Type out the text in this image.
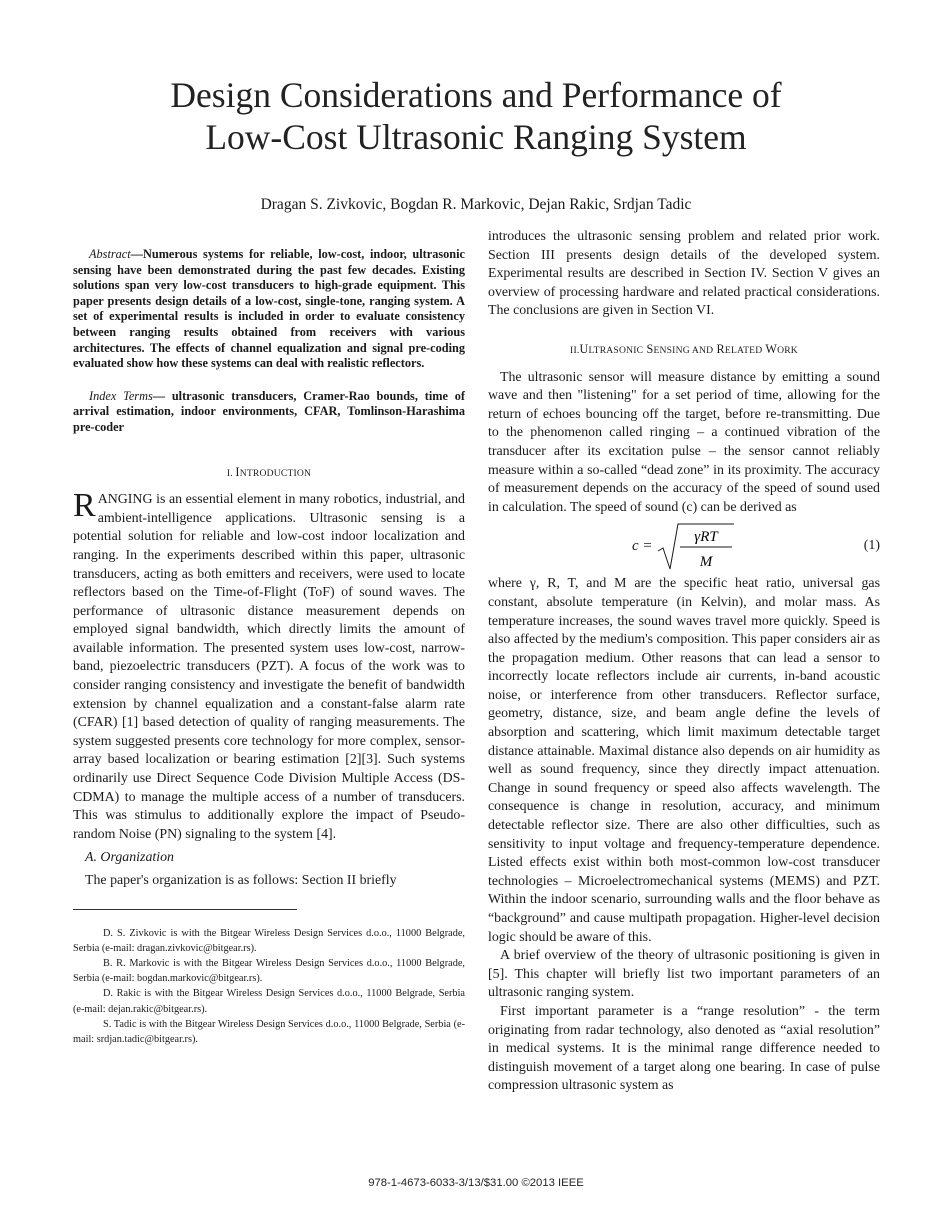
Design Considerations and Performance of
Low-Cost Ultrasonic Ranging System
Dragan S. Zivkovic, Bogdan R. Markovic, Dejan Rakic, Srdjan Tadic

Abstract—Numerous systems for reliable, low-cost, indoor, ultrasonic sensing have been demonstrated during the past few decades. Existing solutions span very low-cost transducers to high-grade equipment. This paper presents design details of a low-cost, single-tone, ranging system. A set of experimental results is included in order to evaluate consistency between ranging results obtained from receivers with various architectures. The effects of channel equalization and signal pre-coding evaluated show how these systems can deal with realistic reflectors.

Index Terms— ultrasonic transducers, Cramer-Rao bounds, time of arrival estimation, indoor environments, CFAR, Tomlinson-Harashima pre-coder

I. INTRODUCTION

RANGING is an essential element in many robotics, industrial, and ambient-intelligence applications. Ultrasonic sensing is a potential solution for reliable and low-cost indoor localization and ranging. In the experiments described within this paper, ultrasonic transducers, acting as both emitters and receivers, were used to locate reflectors based on the Time-of-Flight (ToF) of sound waves. The performance of ultrasonic distance measurement depends on employed signal bandwidth, which directly limits the amount of available information. The presented system uses low-cost, narrow-band, piezoelectric transducers (PZT). A focus of the work was to consider ranging consistency and investigate the benefit of bandwidth extension by channel equalization and a constant-false alarm rate (CFAR) [1] based detection of quality of ranging measurements. The system suggested presents core technology for more complex, sensor-array based localization or bearing estimation [2][3]. Such systems ordinarily use Direct Sequence Code Division Multiple Access (DS-CDMA) to manage the multiple access of a number of transducers. This was stimulus to additionally explore the impact of Pseudo-random Noise (PN) signaling to the system [4].

A. Organization

The paper's organization is as follows: Section II briefly

D. S. Zivkovic is with the Bitgear Wireless Design Services d.o.o., 11000 Belgrade, Serbia (e-mail: dragan.zivkovic@bitgear.rs).

B. R. Markovic is with the Bitgear Wireless Design Services d.o.o., 11000 Belgrade, Serbia (e-mail: bogdan.markovic@bitgear.rs).

D. Rakic is with the Bitgear Wireless Design Services d.o.o., 11000 Belgrade, Serbia (e-mail: dejan.rakic@bitgear.rs).

S. Tadic is with the Bitgear Wireless Design Services d.o.o., 11000 Belgrade, Serbia (e-mail: srdjan.tadic@bitgear.rs).

introduces the ultrasonic sensing problem and related prior work. Section III presents design details of the developed system. Experimental results are described in Section IV. Section V gives an overview of processing hardware and related practical considerations. The conclusions are given in Section VI.

II.ULTRASONIC SENSING AND RELATED WORK

The ultrasonic sensor will measure distance by emitting a sound wave and then "listening" for a set period of time, allowing for the return of echoes bouncing off the target, before re-transmitting. Due to the phenomenon called ringing – a continued vibration of the transducer after its excitation pulse – the sensor cannot reliably measure within a so-called “dead zone” in its proximity. The accuracy of measurement depends on the accuracy of the speed of sound used in calculation. The speed of sound (c) can be derived as

c =
γRT
M
(1)

where γ, R, T, and M are the specific heat ratio, universal gas constant, absolute temperature (in Kelvin), and molar mass. As temperature increases, the sound waves travel more quickly. Speed is also affected by the medium's composition. This paper considers air as the propagation medium. Other reasons that can lead a sensor to incorrectly locate reflectors include air currents, in-band acoustic noise, or interference from other transducers. Reflector surface, geometry, distance, size, and beam angle define the levels of absorption and scattering, which limit maximum detectable target distance attainable. Maximal distance also depends on air humidity as well as sound frequency, since they directly impact attenuation. Change in sound frequency or speed also affects wavelength. The consequence is change in resolution, accuracy, and minimum detectable reflector size. There are also other difficulties, such as sensitivity to input voltage and frequency-temperature dependence. Listed effects exist within both most-common low-cost transducer technologies – Microelectromechanical systems (MEMS) and PZT. Within the indoor scenario, surrounding walls and the floor behave as “background” and cause multipath propagation. Higher-level decision logic should be aware of this.

A brief overview of the theory of ultrasonic positioning is given in [5]. This chapter will briefly list two important parameters of an ultrasonic ranging system.

First important parameter is a “range resolution” - the term originating from radar technology, also denoted as “axial resolution” in medical systems. It is the minimal range difference needed to distinguish movement of a target along one bearing. In case of pulse compression ultrasonic system as

978-1-4673-6033-3/13/$31.00 ©2013 IEEE
